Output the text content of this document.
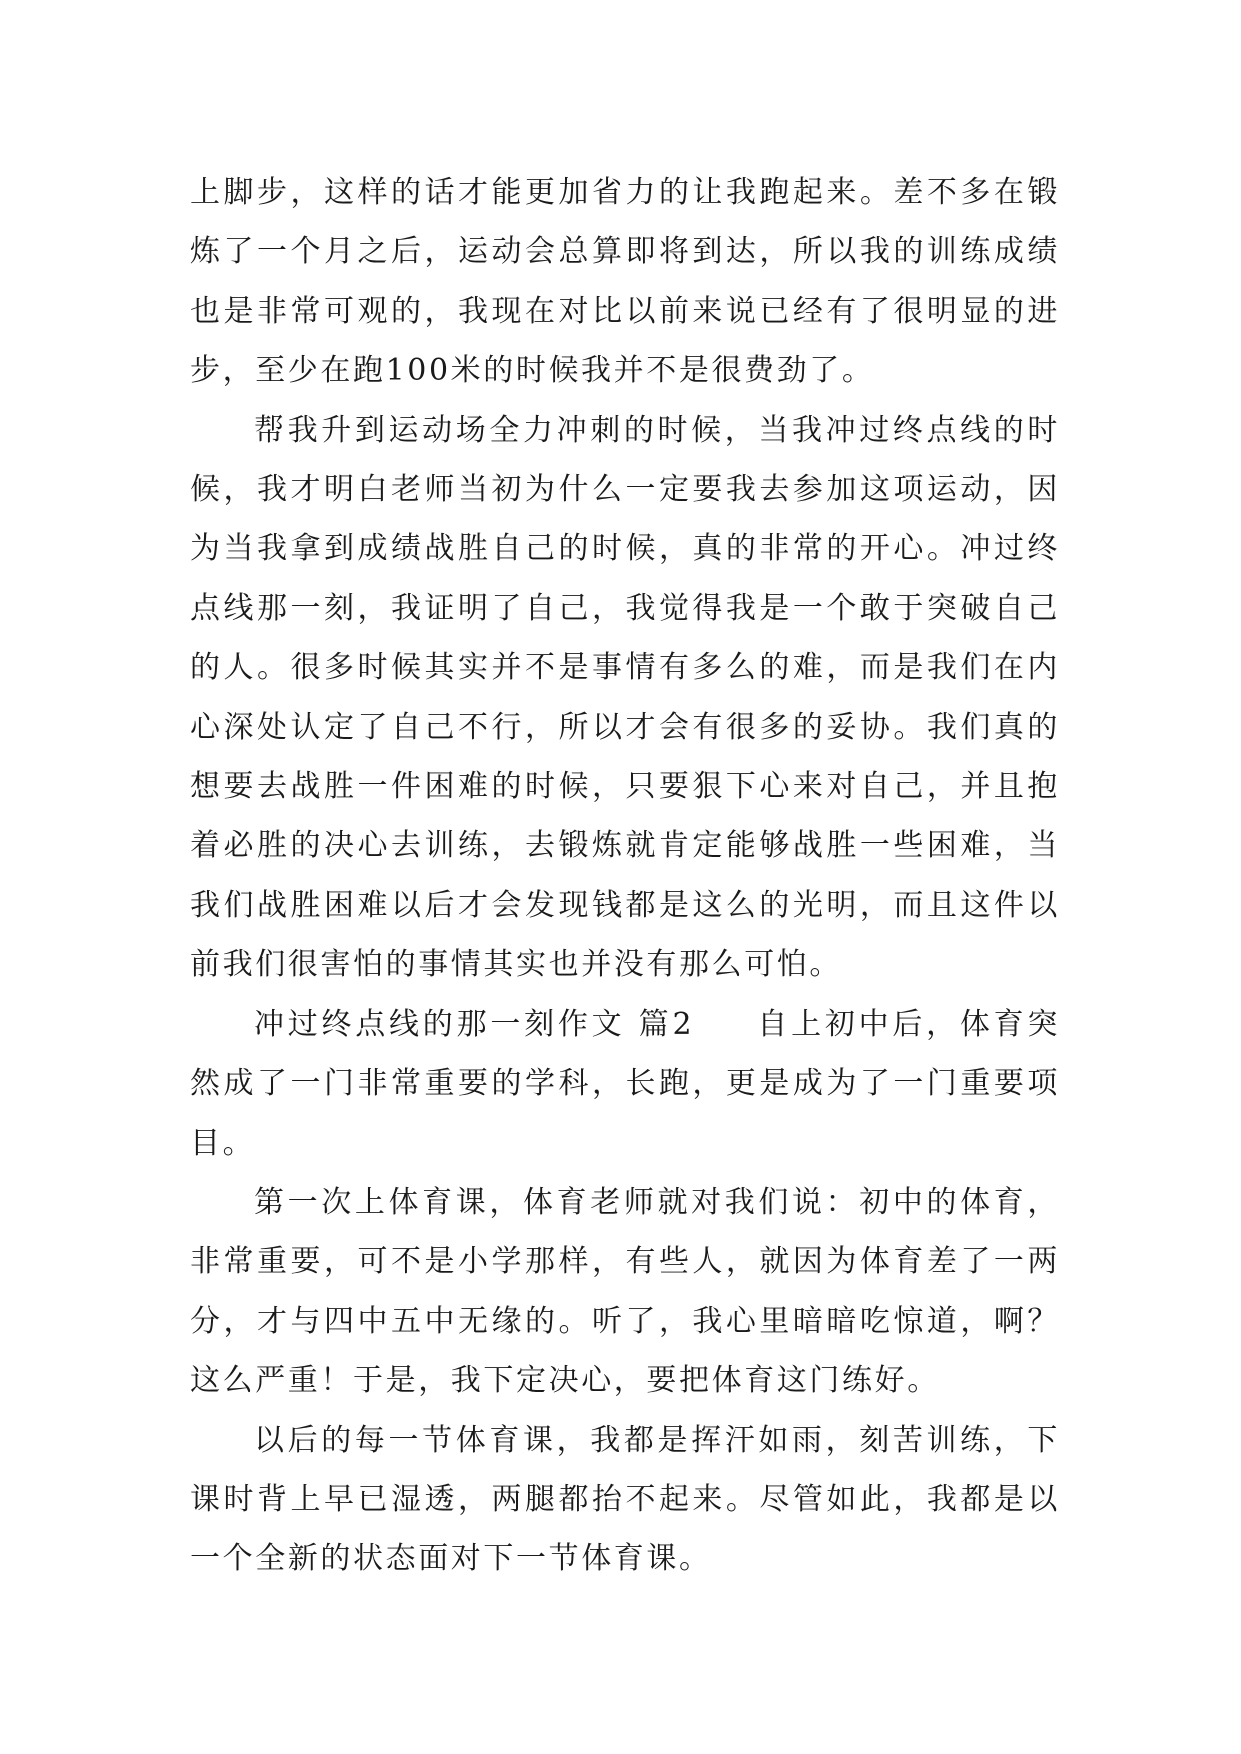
上脚步，这样的话才能更加省力的让我跑起来。差不多在锻炼了一个月之后，运动会总算即将到达，所以我的训练成绩也是非常可观的，我现在对比以前来说已经有了很明显的进步，至少在跑100米的时候我并不是很费劲了。

帮我升到运动场全力冲刺的时候，当我冲过终点线的时候，我才明白老师当初为什么一定要我去参加这项运动，因为当我拿到成绩战胜自己的时候，真的非常的开心。冲过终点线那一刻，我证明了自己，我觉得我是一个敢于突破自己的人。很多时候其实并不是事情有多么的难，而是我们在内心深处认定了自己不行，所以才会有很多的妥协。我们真的想要去战胜一件困难的时候，只要狠下心来对自己，并且抱着必胜的决心去训练，去锻炼就肯定能够战胜一些困难，当我们战胜困难以后才会发现钱都是这么的光明，而且这件以前我们很害怕的事情其实也并没有那么可怕。

冲过终点线的那一刻作文 篇2 自上初中后，体育突然成了一门非常重要的学科，长跑，更是成为了一门重要项目。

第一次上体育课，体育老师就对我们说：初中的体育，非常重要，可不是小学那样，有些人，就因为体育差了一两分，才与四中五中无缘的。听了，我心里暗暗吃惊道，啊？这么严重！于是，我下定决心，要把体育这门练好。

以后的每一节体育课，我都是挥汗如雨，刻苦训练，下课时背上早已湿透，两腿都抬不起来。尽管如此，我都是以一个全新的状态面对下一节体育课。
